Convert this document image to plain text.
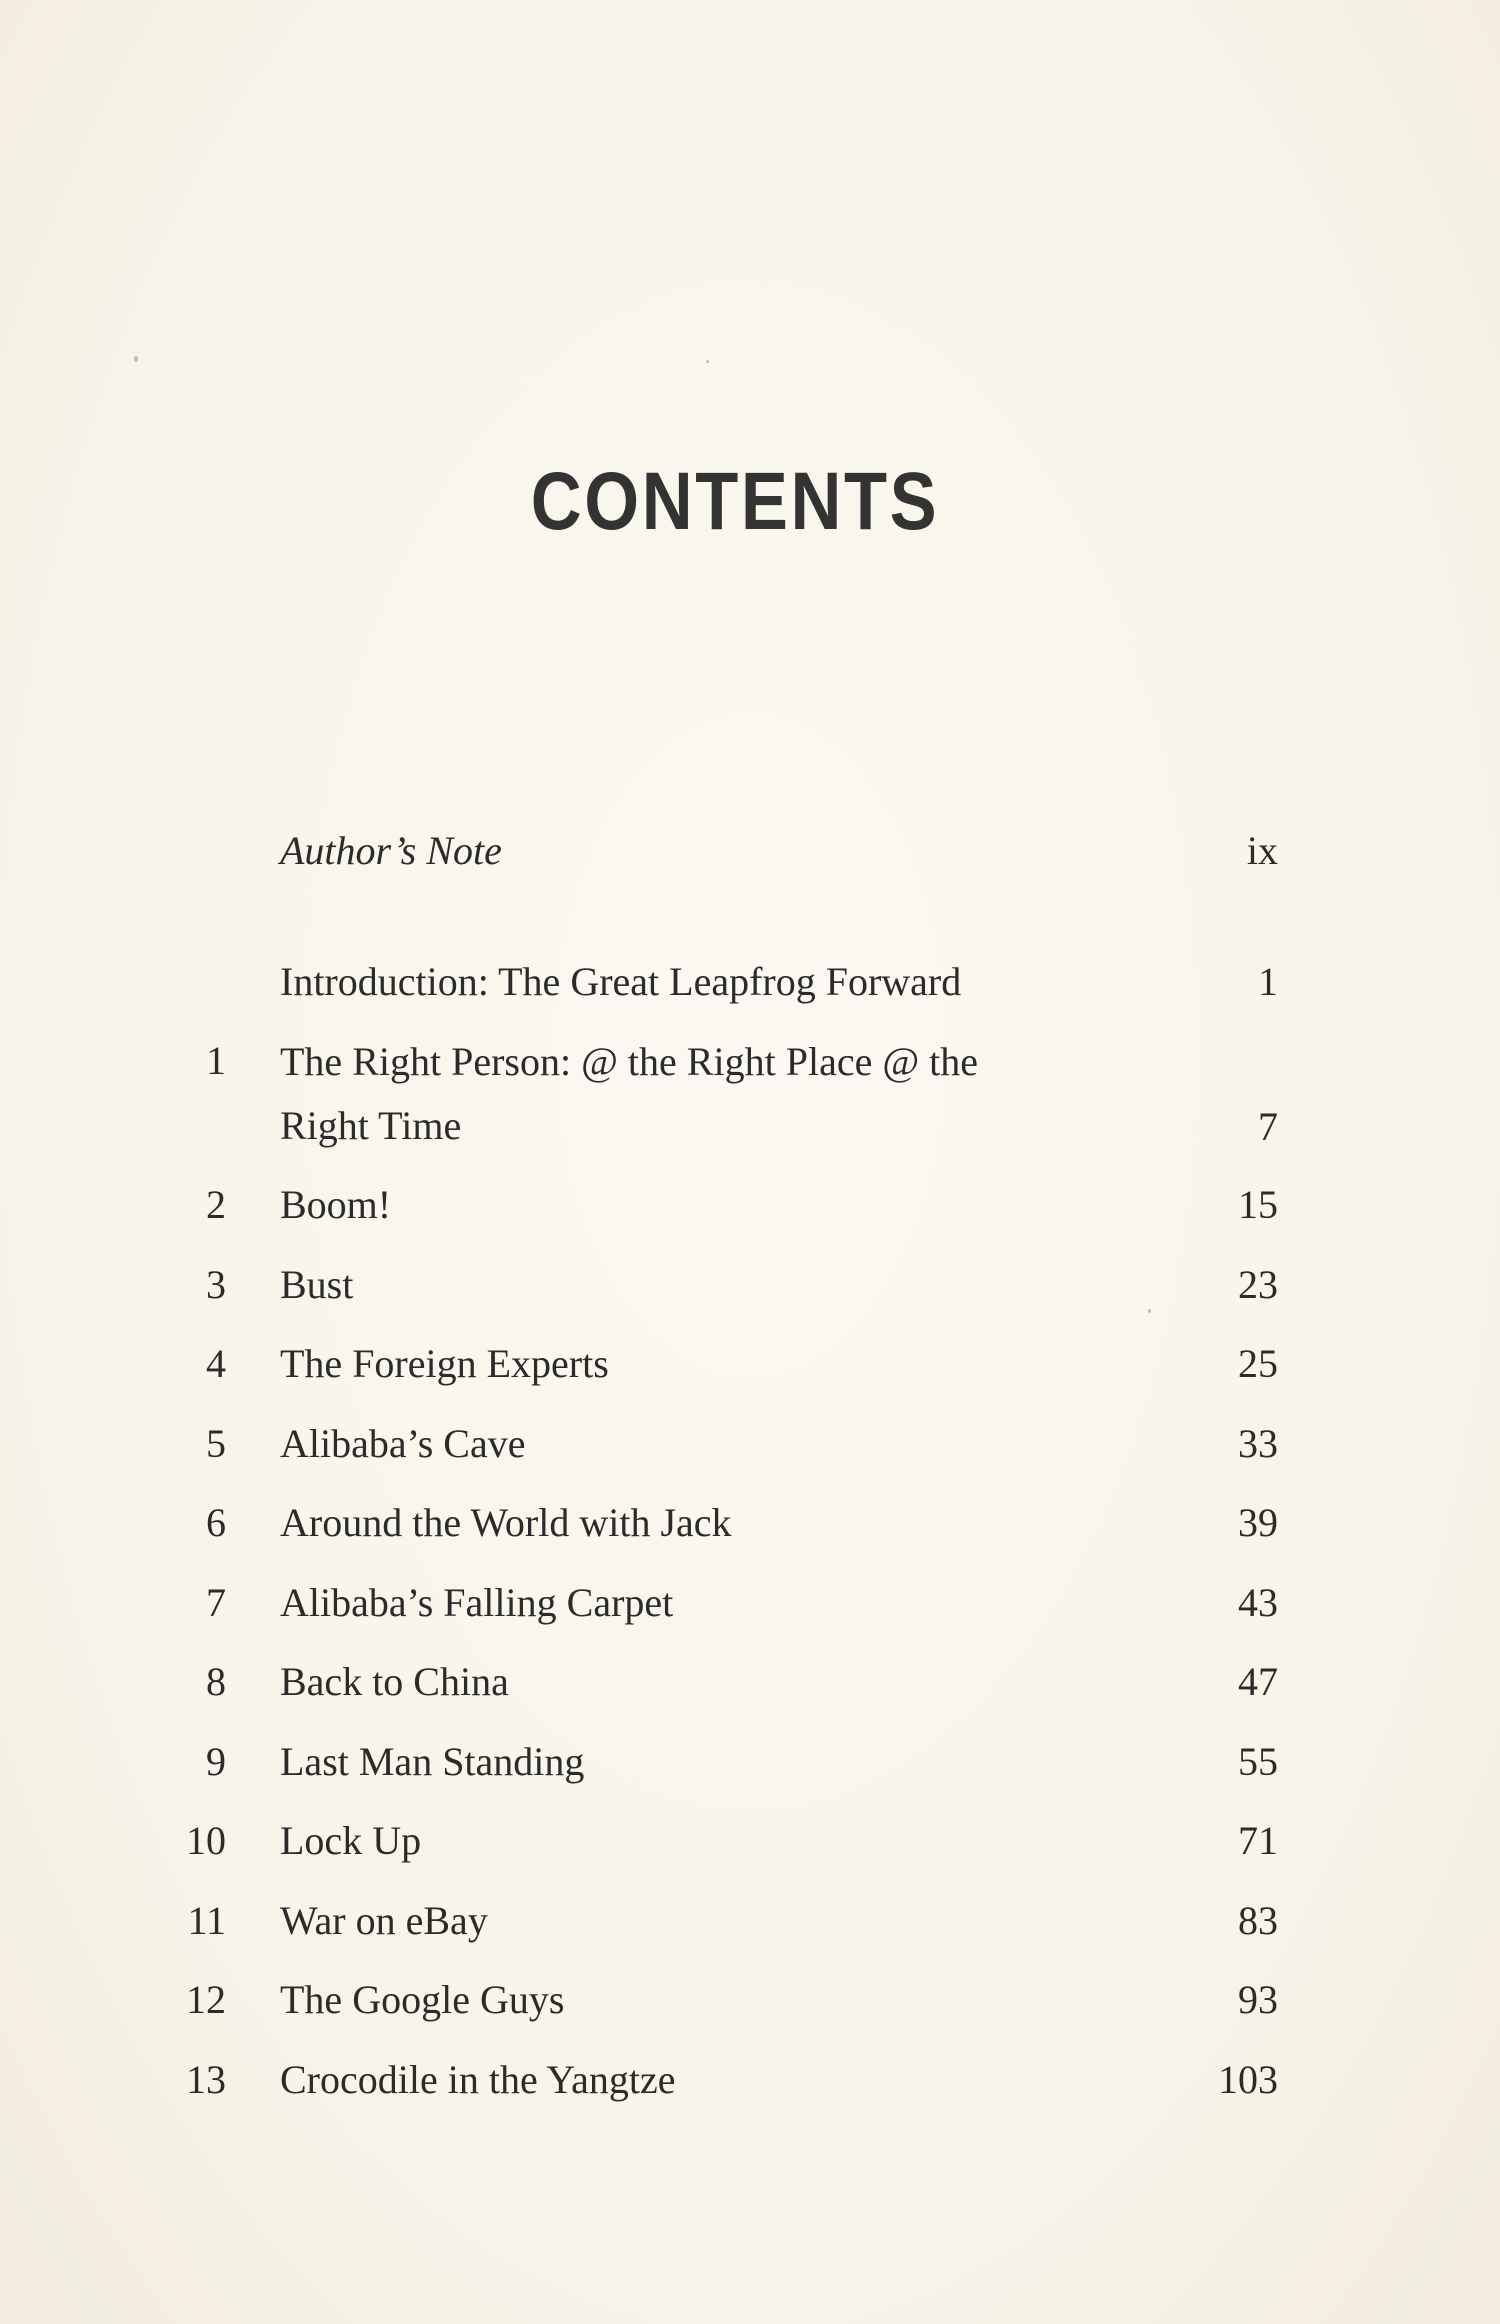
CONTENTS
Author’s Note	ix
Introduction: The Great Leapfrog Forward	1
1 The Right Person: @ the Right Place @ the Right Time	7
2 Boom!	15
3 Bust	23
4 The Foreign Experts	25
5 Alibaba’s Cave	33
6 Around the World with Jack	39
7 Alibaba’s Falling Carpet	43
8 Back to China	47
9 Last Man Standing	55
10 Lock Up	71
11 War on eBay	83
12 The Google Guys	93
13 Crocodile in the Yangtze	103
